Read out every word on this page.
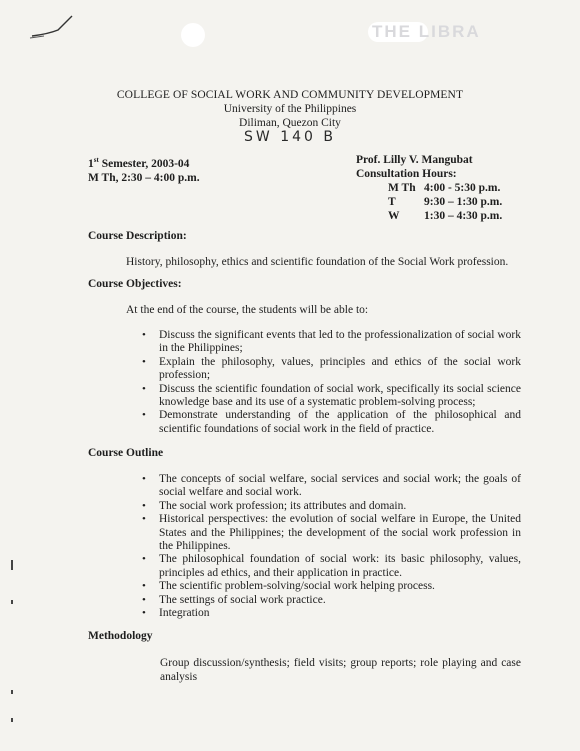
THE LIBRA
COLLEGE OF SOCIAL WORK AND COMMUNITY DEVELOPMENT
University of the Philippines
Diliman, Quezon City
SW 140 B
1st Semester, 2003-04
M Th, 2:30 – 4:00 p.m.
Prof. Lilly V. Mangubat
Consultation Hours:
M Th 4:00 - 5:30 p.m.
T	9:30 – 1:30 p.m.
W	1:30 – 4:30 p.m.
Course Description:
History, philosophy, ethics and scientific foundation of the Social Work profession.
Course Objectives:
At the end of the course, the students will be able to:
• Discuss the significant events that led to the professionalization of social work in the Philippines;
• Explain the philosophy, values, principles and ethics of the social work profession;
• Discuss the scientific foundation of social work, specifically its social science knowledge base and its use of a systematic problem-solving process;
• Demonstrate understanding of the application of the philosophical and scientific foundations of social work in the field of practice.
Course Outline
• The concepts of social welfare, social services and social work; the goals of social welfare and social work.
• The social work profession; its attributes and domain.
• Historical perspectives: the evolution of social welfare in Europe, the United States and the Philippines; the development of the social work profession in the Philippines.
• The philosophical foundation of social work: its basic philosophy, values, principles ad ethics, and their application in practice.
• The scientific problem-solving/social work helping process.
• The settings of social work practice.
• Integration
Methodology
Group discussion/synthesis; field visits; group reports; role playing and case analysis
